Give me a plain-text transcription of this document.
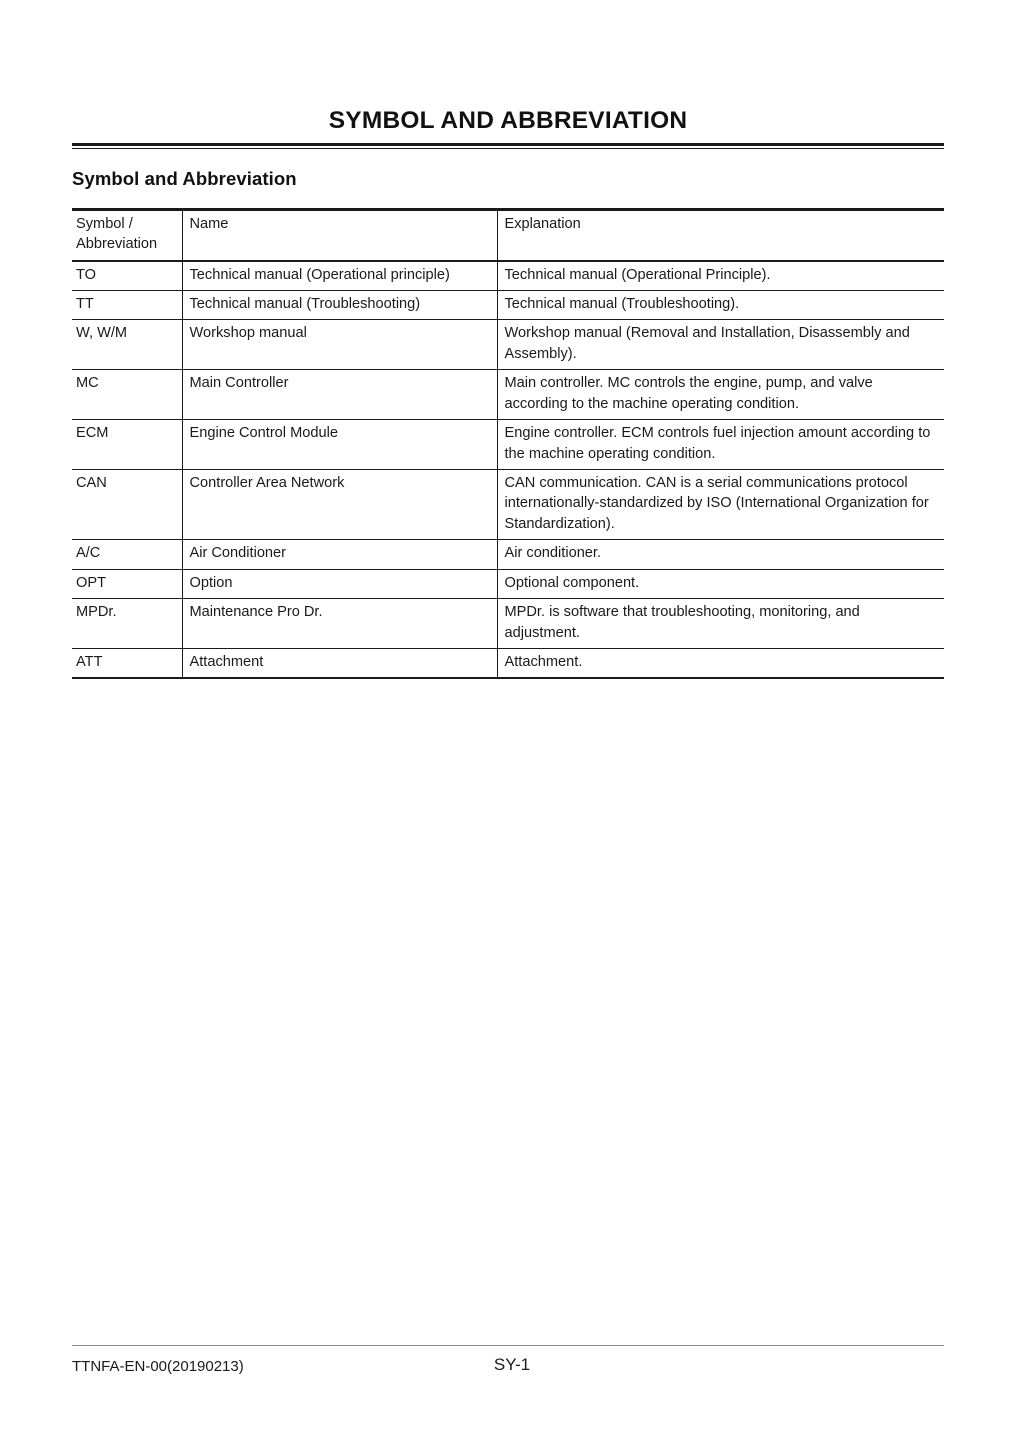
SYMBOL AND ABBREVIATION
Symbol and Abbreviation
Symbol / Abbreviation	Name	Explanation
TO	Technical manual (Operational principle)	Technical manual (Operational Principle).
TT	Technical manual (Troubleshooting)	Technical manual (Troubleshooting).
W, W/M	Workshop manual	Workshop manual (Removal and Installation, Disassembly and Assembly).
MC	Main Controller	Main controller. MC controls the engine, pump, and valve according to the machine operating condition.
ECM	Engine Control Module	Engine controller. ECM controls fuel injection amount according to the machine operating condition.
CAN	Controller Area Network	CAN communication. CAN is a serial communications protocol internationally-standardized by ISO (International Organization for Standardization).
A/C	Air Conditioner	Air conditioner.
OPT	Option	Optional component.
MPDr.	Maintenance Pro Dr.	MPDr. is software that troubleshooting, monitoring, and adjustment.
ATT	Attachment	Attachment.
TTNFA-EN-00(20190213)	SY-1
